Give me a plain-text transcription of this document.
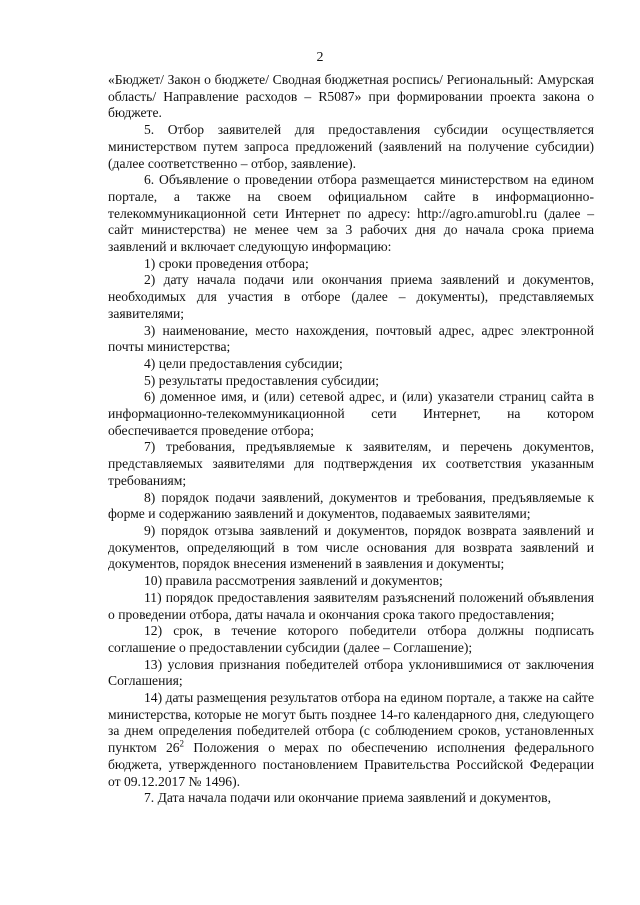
2

«Бюджет/ Закон о бюджете/ Сводная бюджетная роспись/ Региональный: Амурская область/ Направление расходов – R5087» при формировании проекта закона о бюджете.

5. Отбор заявителей для предоставления субсидии осуществляется министерством путем запроса предложений (заявлений на получение субсидии) (далее соответственно – отбор, заявление).

6. Объявление о проведении отбора размещается министерством на едином портале, а также на своем официальном сайте в информационно-телекоммуникационной сети Интернет по адресу: http://agro.amurobl.ru (далее – сайт министерства) не менее чем за 3 рабочих дня до начала срока приема заявлений и включает следующую информацию:

1) сроки проведения отбора;

2) дату начала подачи или окончания приема заявлений и документов, необходимых для участия в отборе (далее – документы), представляемых заявителями;

3) наименование, место нахождения, почтовый адрес, адрес электронной почты министерства;

4) цели предоставления субсидии;

5) результаты предоставления субсидии;

6) доменное имя, и (или) сетевой адрес, и (или) указатели страниц сайта в информационно-телекоммуникационной сети Интернет, на котором обеспечивается проведение отбора;

7) требования, предъявляемые к заявителям, и перечень документов, представляемых заявителями для подтверждения их соответствия указанным требованиям;

8) порядок подачи заявлений, документов и требования, предъявляемые к форме и содержанию заявлений и документов, подаваемых заявителями;

9) порядок отзыва заявлений и документов, порядок возврата заявлений и документов, определяющий в том числе основания для возврата заявлений и документов, порядок внесения изменений в заявления и документы;

10) правила рассмотрения заявлений и документов;

11) порядок предоставления заявителям разъяснений положений объявления о проведении отбора, даты начала и окончания срока такого предоставления;

12) срок, в течение которого победители отбора должны подписать соглашение о предоставлении субсидии (далее – Соглашение);

13) условия признания победителей отбора уклонившимися от заключения Соглашения;

14) даты размещения результатов отбора на едином портале, а также на сайте министерства, которые не могут быть позднее 14-го календарного дня, следующего за днем определения победителей отбора (с соблюдением сроков, установленных пунктом $26^2$ Положения о мерах по обеспечению исполнения федерального бюджета, утвержденного постановлением Правительства Российской Федерации от 09.12.2017 № 1496).

7. Дата начала подачи или окончание приема заявлений и документов,
